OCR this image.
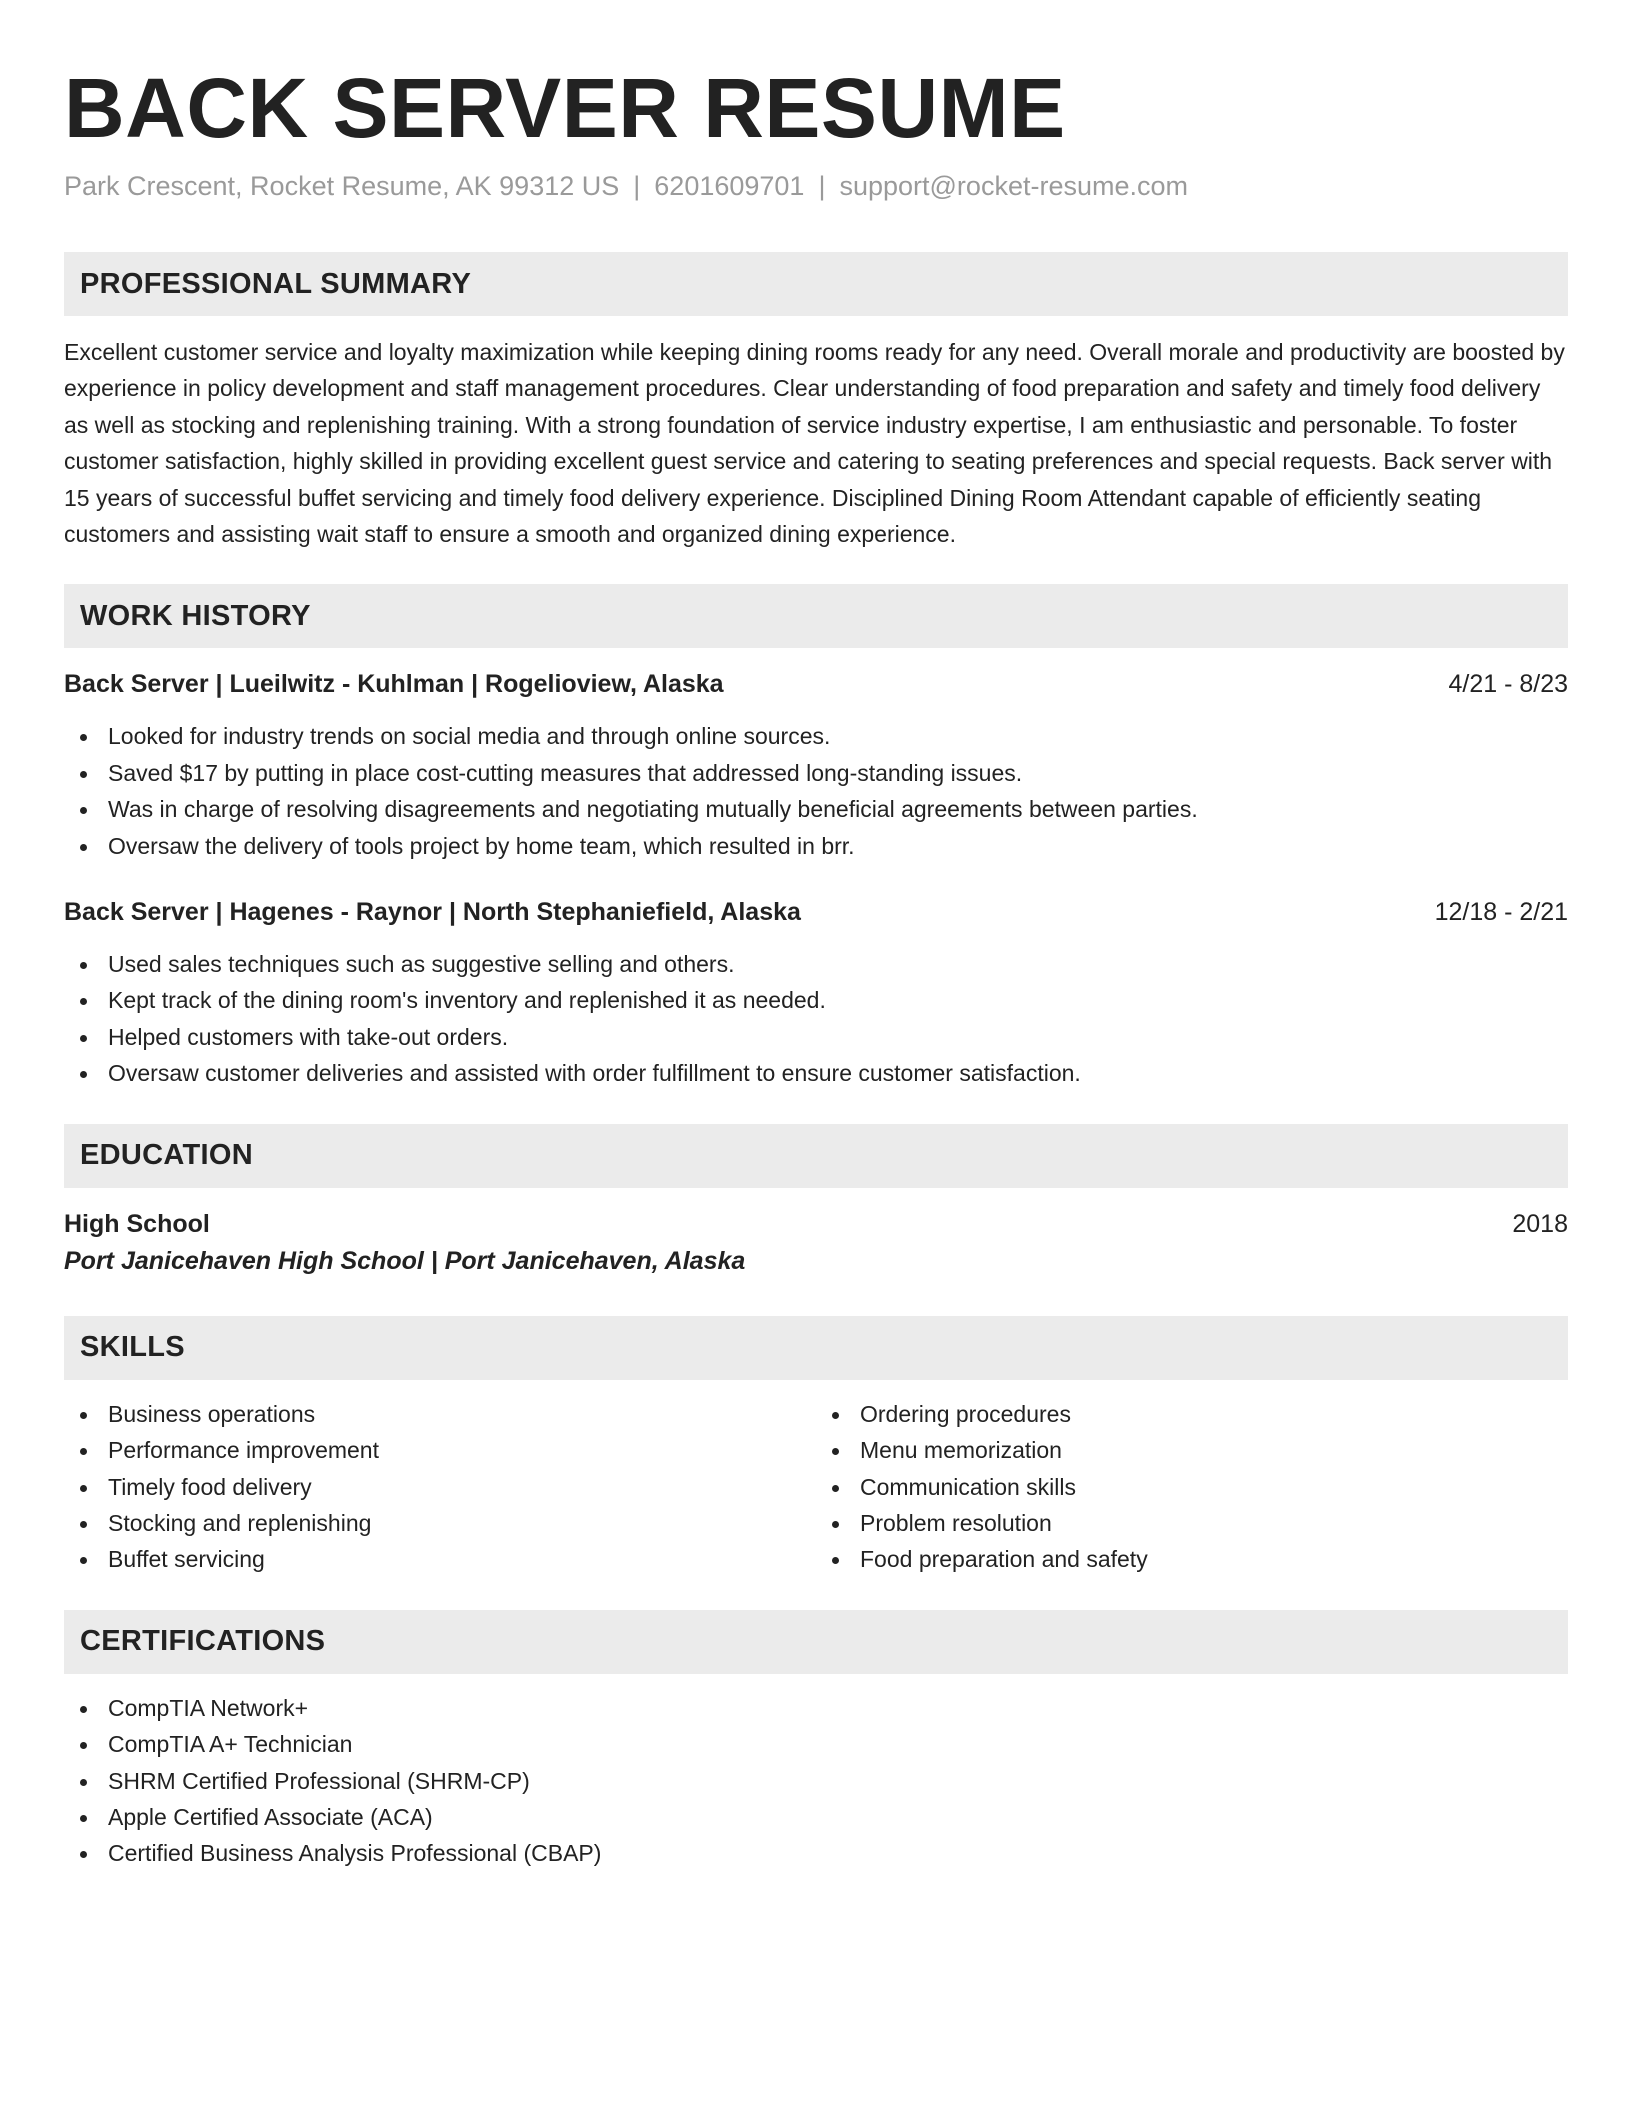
BACK SERVER RESUME
Park Crescent, Rocket Resume, AK 99312 US | 6201609701 | support@rocket-resume.com
PROFESSIONAL SUMMARY

Excellent customer service and loyalty maximization while keeping dining rooms ready for any need. Overall morale and productivity are boosted by experience in policy development and staff management procedures. Clear understanding of food preparation and safety and timely food delivery as well as stocking and replenishing training. With a strong foundation of service industry expertise, I am enthusiastic and personable. To foster customer satisfaction, highly skilled in providing excellent guest service and catering to seating preferences and special requests. Back server with 15 years of successful buffet servicing and timely food delivery experience. Disciplined Dining Room Attendant capable of efficiently seating customers and assisting wait staff to ensure a smooth and organized dining experience.

WORK HISTORY
Back Server | Lueilwitz - Kuhlman | Rogelioview, Alaska	4/21 - 8/23
Looked for industry trends on social media and through online sources.
Saved $17 by putting in place cost-cutting measures that addressed long-standing issues.
Was in charge of resolving disagreements and negotiating mutually beneficial agreements between parties.
Oversaw the delivery of tools project by home team, which resulted in brr.
Back Server | Hagenes - Raynor | North Stephaniefield, Alaska	12/18 - 2/21
Used sales techniques such as suggestive selling and others.
Kept track of the dining room's inventory and replenished it as needed.
Helped customers with take-out orders.
Oversaw customer deliveries and assisted with order fulfillment to ensure customer satisfaction.
EDUCATION
High School	2018
Port Janicehaven High School | Port Janicehaven, Alaska
SKILLS
Business operations
Performance improvement
Timely food delivery
Stocking and replenishing
Buffet servicing
Ordering procedures
Menu memorization
Communication skills
Problem resolution
Food preparation and safety
CERTIFICATIONS
CompTIA Network+
CompTIA A+ Technician
SHRM Certified Professional (SHRM-CP)
Apple Certified Associate (ACA)
Certified Business Analysis Professional (CBAP)
